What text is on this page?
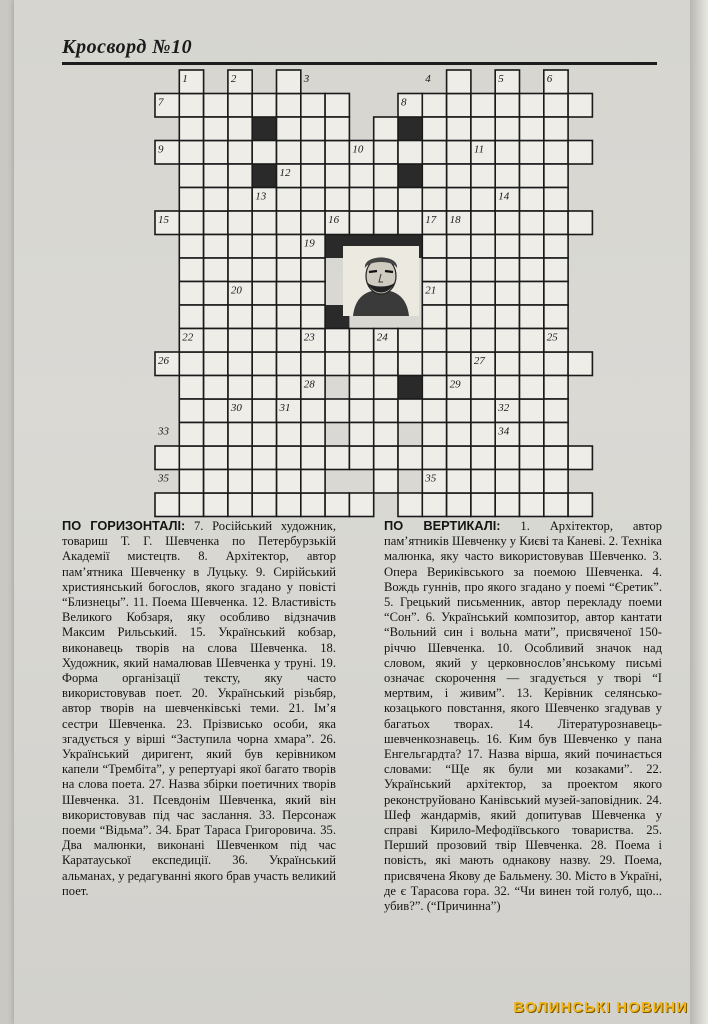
Кросворд №10
1	2	3	4	5	6
7	8
9	10	11
12
13	14
15	16	17 18
19
20	21
22	23	24	25
26	27
28	29
30	31	32
33	34
35	35
ПО ГОРИЗОНТАЛІ: 7. Російський художник, товариш Т. Г. Шевченка по Петербурзькій Академії мистецтв. 8. Архітектор, автор пам’ятника Шевченку в Луцьку. 9. Сирійський християнський богослов, якого згадано у повісті “Близнецы”. 11. Поема Шевченка. 12. Властивість Великого Кобзаря, яку особливо відзначив Максим Рильський. 15. Український кобзар, виконавець творів на слова Шевченка. 18. Художник, який намалював Шевченка у труні. 19. Форма організації тексту, яку часто використовував поет. 20. Український різьбяр, автор творів на шевченківські теми. 21. Ім’я сестри Шевченка. 23. Прізвисько особи, яка згадується у вірші “Заступила чорна хмара”. 26. Український диригент, який був керівником капели “Трембіта”, у репертуарі якої багато творів на слова поета. 27. Назва збірки поетичних творів Шевченка. 31. Псевдонім Шевченка, який він використовував під час заслання. 33. Персонаж поеми “Відьма”. 34. Брат Тараса Григоровича. 35. Два малюнки, виконані Шевченком під час Каратауської експедиції. 36. Український альманах, у редагуванні якого брав участь великий поет.
ПО ВЕРТИКАЛІ: 1. Архітектор, автор пам’ятників Шевченку у Києві та Каневі. 2. Техніка малюнка, яку часто використовував Шевченко. 3. Опера Вериківського за поемою Шевченка. 4. Вождь гуннів, про якого згадано у поемі “Єретик”. 5. Грецький письменник, автор перекладу поеми “Сон”. 6. Український композитор, автор кантати “Вольний син і вольна мати”, присвяченої 150-річчю Шевченка. 10. Особливий значок над словом, який у церковнослов’янському письмі означає скорочення — згадується у творі “І мертвим, і живим”. 13. Керівник селянсько-козацького повстання, якого Шевченко згадував у багатьох творах. 14. Літературознавець-шевченкознавець. 16. Ким був Шевченко у пана Енгельгардта? 17. Назва вірша, який починається словами: “Ще як були ми козаками”. 22. Український архітектор, за проектом якого реконструйовано Канівський музей-заповідник. 24. Шеф жандармів, який допитував Шевченка у справі Кирило-Мефодіївського товариства. 25. Перший прозовий твір Шевченка. 28. Поема і повість, які мають однакову назву. 29. Поема, присвячена Якову де Бальмену. 30. Місто в Україні, де є Тарасова гора. 32. “Чи винен той голуб, що... убив?”. (“Причинна”)
ВОЛИНСЬКІ НОВИНИ
